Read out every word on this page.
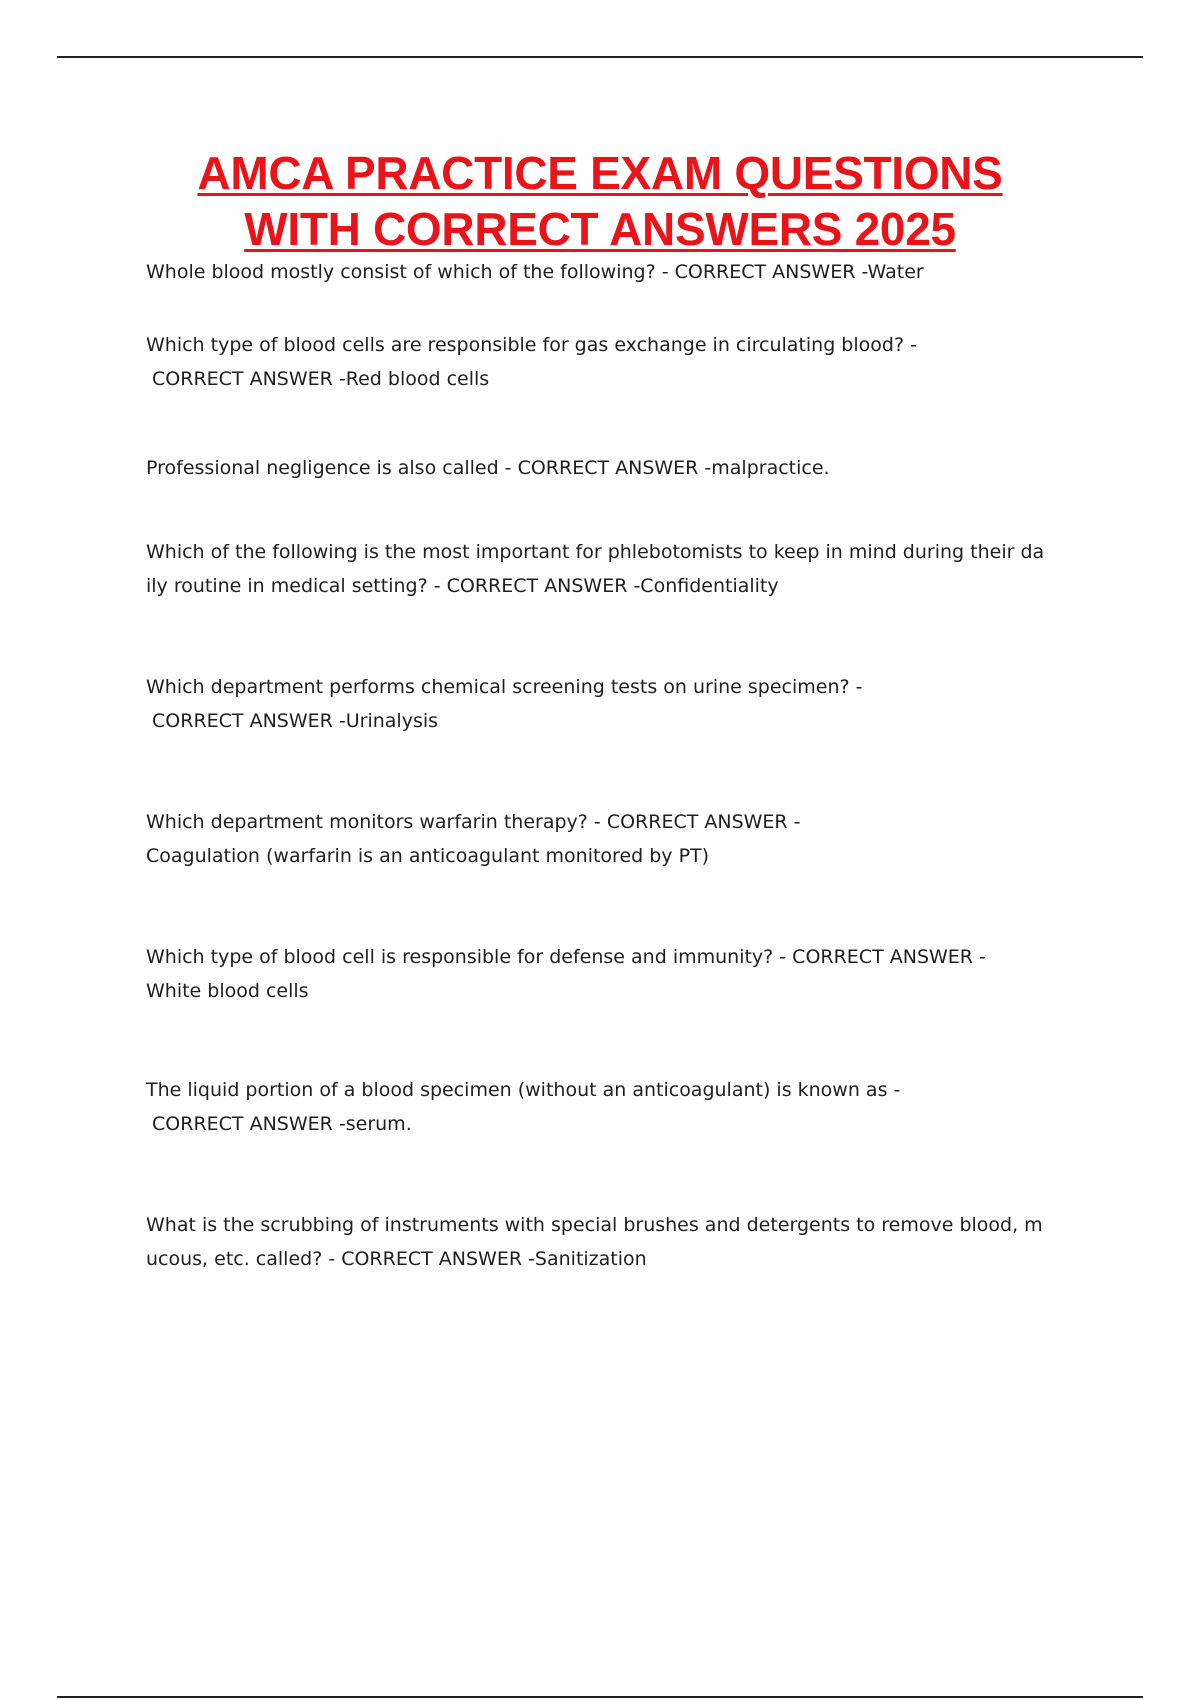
AMCA PRACTICE EXAM QUESTIONS
WITH CORRECT ANSWERS 2025
Whole blood mostly consist of which of the following? - CORRECT ANSWER -Water
Which type of blood cells are responsible for gas exchange in circulating blood? -
CORRECT ANSWER -Red blood cells
Professional negligence is also called - CORRECT ANSWER -malpractice.
Which of the following is the most important for phlebotomists to keep in mind during their da
ily routine in medical setting? - CORRECT ANSWER -Confidentiality
Which department performs chemical screening tests on urine specimen? -
CORRECT ANSWER -Urinalysis
Which department monitors warfarin therapy? - CORRECT ANSWER -
Coagulation (warfarin is an anticoagulant monitored by PT)
Which type of blood cell is responsible for defense and immunity? - CORRECT ANSWER -
White blood cells
The liquid portion of a blood specimen (without an anticoagulant) is known as -
CORRECT ANSWER -serum.
What is the scrubbing of instruments with special brushes and detergents to remove blood, m
ucous, etc. called? - CORRECT ANSWER -Sanitization
